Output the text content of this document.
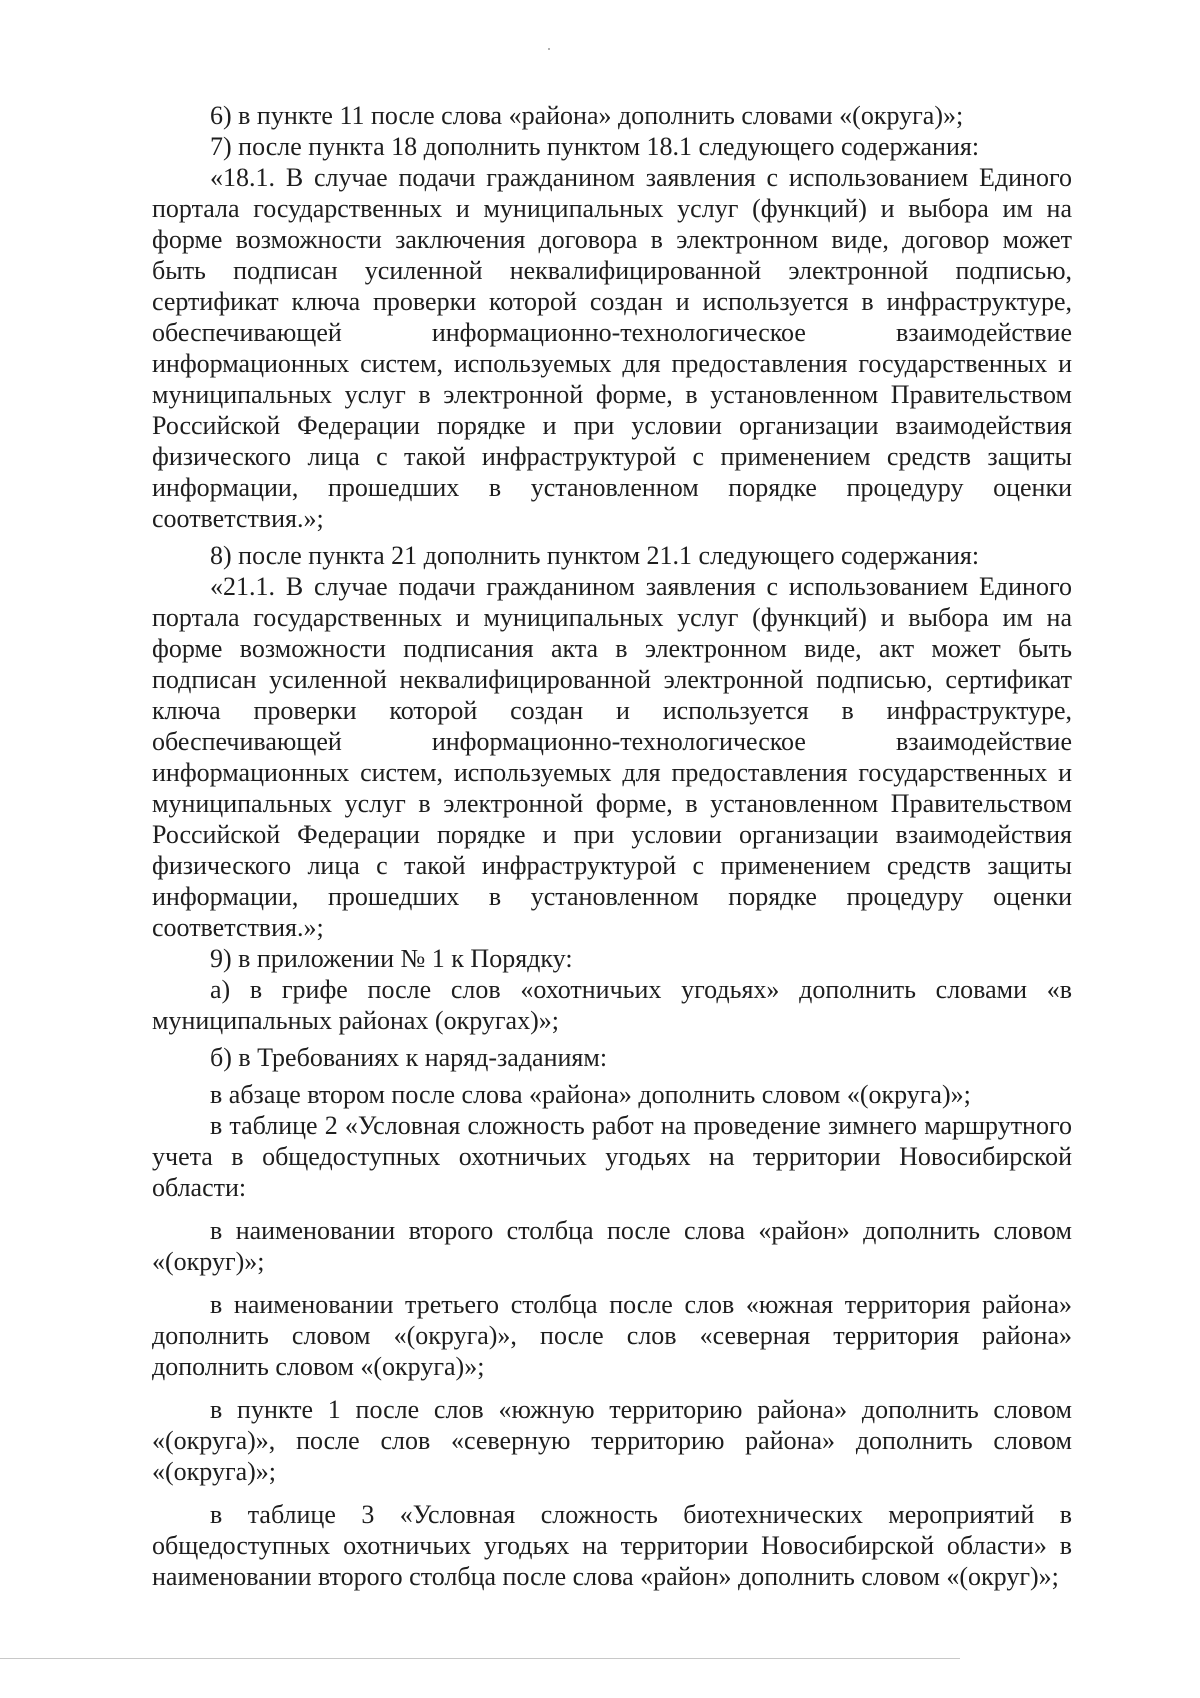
6) в пункте 11 после слова «района» дополнить словами «(округа)»;

7) после пункта 18 дополнить пунктом 18.1 следующего содержания:

«18.1. В случае подачи гражданином заявления с использованием Единого портала государственных и муниципальных услуг (функций) и выбора им на форме возможности заключения договора в электронном виде, договор может быть подписан усиленной неквалифицированной электронной подписью, сертификат ключа проверки которой создан и используется в инфраструктуре, обеспечивающей информационно-технологическое взаимодействие информационных систем, используемых для предоставления государственных и муниципальных услуг в электронной форме, в установленном Правительством Российской Федерации порядке и при условии организации взаимодействия физического лица с такой инфраструктурой с применением средств защиты информации, прошедших в установленном порядке процедуру оценки соответствия.»;

8) после пункта 21 дополнить пунктом 21.1 следующего содержания:

«21.1. В случае подачи гражданином заявления с использованием Единого портала государственных и муниципальных услуг (функций) и выбора им на форме возможности подписания акта в электронном виде, акт может быть подписан усиленной неквалифицированной электронной подписью, сертификат ключа проверки которой создан и используется в инфраструктуре, обеспечивающей информационно-технологическое взаимодействие информационных систем, используемых для предоставления государственных и муниципальных услуг в электронной форме, в установленном Правительством Российской Федерации порядке и при условии организации взаимодействия физического лица с такой инфраструктурой с применением средств защиты информации, прошедших в установленном порядке процедуру оценки соответствия.»;

9) в приложении № 1 к Порядку:

а) в грифе после слов «охотничьих угодьях» дополнить словами «в муниципальных районах (округах)»;

б) в Требованиях к наряд-заданиям:

в абзаце втором после слова «района» дополнить словом «(округа)»;

в таблице 2 «Условная сложность работ на проведение зимнего маршрутного учета в общедоступных охотничьих угодьях на территории Новосибирской области:

в наименовании второго столбца после слова «район» дополнить словом «(округ)»;

в наименовании третьего столбца после слов «южная территория района» дополнить словом «(округа)», после слов «северная территория района» дополнить словом «(округа)»;

в пункте 1 после слов «южную территорию района» дополнить словом «(округа)», после слов «северную территорию района» дополнить словом «(округа)»;

в таблице 3 «Условная сложность биотехнических мероприятий в общедоступных охотничьих угодьях на территории Новосибирской области» в наименовании второго столбца после слова «район» дополнить словом «(округ)»;
